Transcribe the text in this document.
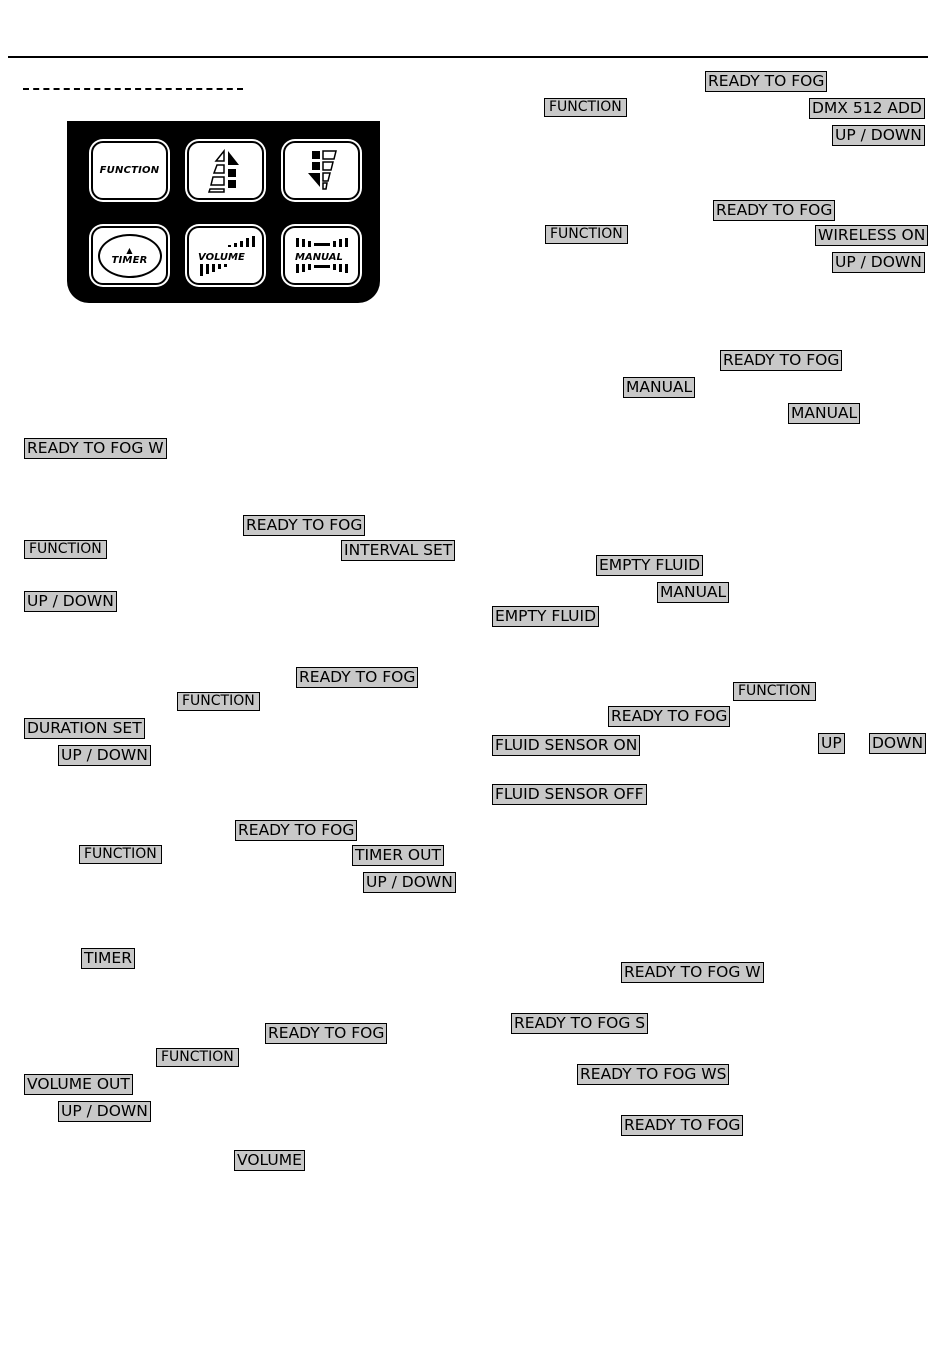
FUNCTION
▲
TIMER	VOLUME	MANUAL
READY TO FOG W
READY TO FOG
FUNCTION	INTERVAL SET
UP / DOWN
READY TO FOG
FUNCTION
DURATION SET
UP / DOWN
READY TO FOG
FUNCTION	TIMER OUT
UP / DOWN
TIMER
READY TO FOG
FUNCTION
VOLUME OUT
UP / DOWN
VOLUME
READY TO FOG
FUNCTION	DMX 512 ADD
UP / DOWN
READY TO FOG
FUNCTION	WIRELESS ON
UP / DOWN
READY TO FOG
MANUAL
MANUAL
EMPTY FLUID
MANUAL
EMPTY FLUID
FUNCTION
READY TO FOG
FLUID SENSOR ON	UP DOWN
FLUID SENSOR OFF
READY TO FOG W
READY TO FOG S
READY TO FOG WS
READY TO FOG
